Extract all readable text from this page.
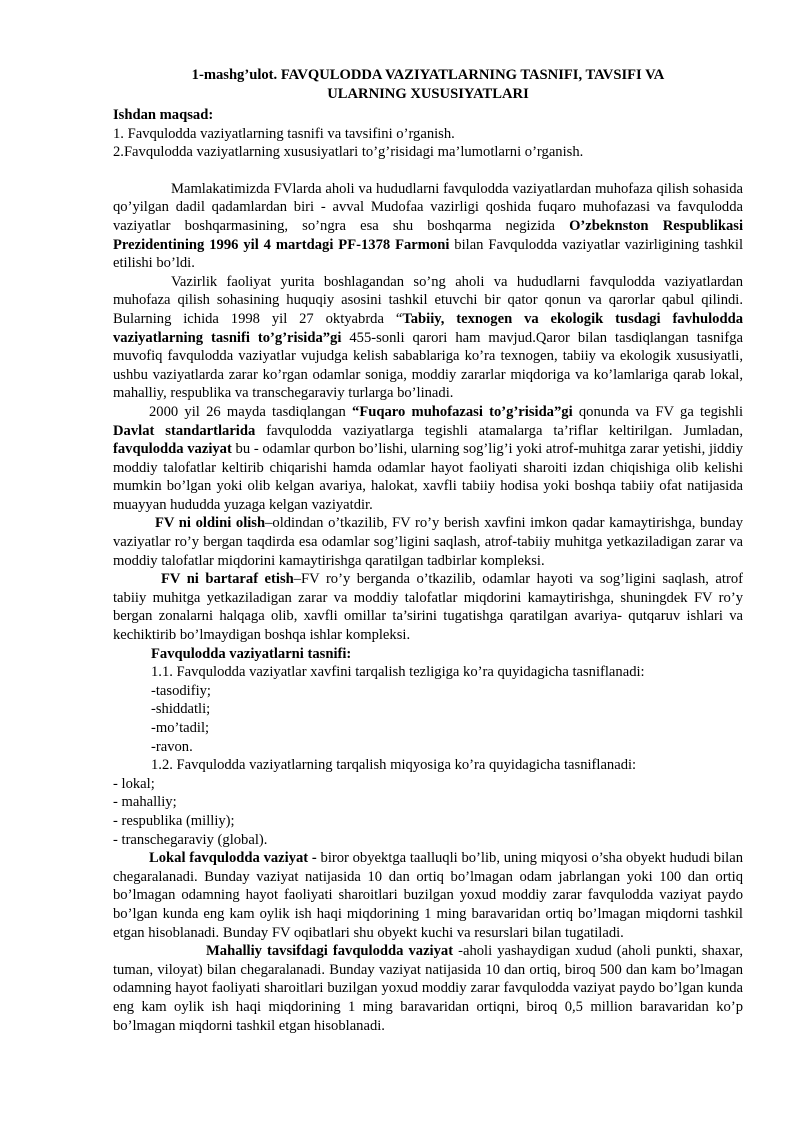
1-mashg’ulot. FAVQULODDA VAZIYATLARNING TASNIFI, TAVSIFI VA
ULARNING XUSUSIYATLARI

Ishdan maqsad:

1. Favqulodda vaziyatlarning tasnifi va tavsifini o’rganish.

2.Favqulodda vaziyatlarning xususiyatlari to’g’risidagi ma’lumotlarni o’rganish.

Mamlakatimizda FVlarda aholi va hududlarni favqulodda vaziyatlardan muhofaza qilish sohasida qo’yilgan dadil qadamlardan biri - avval Mudofaa vazirligi qoshida fuqaro muhofazasi va favqulodda vaziyatlar boshqarmasining, so’ngra esa shu boshqarma negizida O’zbeknston Respublikasi Prezidentining 1996 yil 4 martdagi PF-1378 Farmoni bilan Favqulodda vaziyatlar vazirligining tashkil etilishi bo’ldi.

Vazirlik faoliyat yurita boshlagandan so’ng aholi va hududlarni favqulodda vaziyatlardan muhofaza qilish sohasining huquqiy asosini tashkil etuvchi bir qator qonun va qarorlar qabul qilindi. Bularning ichida 1998 yil 27 oktyabrda “Tabiiy, texnogen va ekologik tusdagi favhulodda vaziyatlarning tasnifi to’g’risida”gi 455-sonli qarori ham mavjud.Qaror bilan tasdiqlangan tasnifga muvofiq favqulodda vaziyatlar vujudga kelish sabablariga ko’ra texnogen, tabiiy va ekologik xususiyatli, ushbu vaziyatlarda zarar ko’rgan odamlar soniga, moddiy zararlar miqdoriga va ko’lamlariga qarab lokal, mahalliy, respublika va transchegaraviy turlarga bo’linadi.

2000 yil 26 mayda tasdiqlangan “Fuqaro muhofazasi to’g’risida”gi qonunda va FV ga tegishli Davlat standartlarida favqulodda vaziyatlarga tegishli atamalarga ta’riflar keltirilgan. Jumladan, favqulodda vaziyat bu - odamlar qurbon bo’lishi, ularning sog’lig’i yoki atrof-muhitga zarar yetishi, jiddiy moddiy talofatlar keltirib chiqarishi hamda odamlar hayot faoliyati sharoiti izdan chiqishiga olib kelishi mumkin bo’lgan yoki olib kelgan avariya, halokat, xavfli tabiiy hodisa yoki boshqa tabiiy ofat natijasida muayyan hududda yuzaga kelgan vaziyatdir.

FV ni oldini olish–oldindan o’tkazilib, FV ro’y berish xavfini imkon qadar kamaytirishga, bunday vaziyatlar ro’y bergan taqdirda esa odamlar sog’ligini saqlash, atrof-tabiiy muhitga yetkaziladigan zarar va moddiy talofatlar miqdorini kamaytirishga qaratilgan tadbirlar kompleksi.

FV ni bartaraf etish–FV ro’y berganda o’tkazilib, odamlar hayoti va sog’ligini saqlash, atrof tabiiy muhitga yetkaziladigan zarar va moddiy talofatlar miqdorini kamaytirishga, shuningdek FV ro’y bergan zonalarni halqaga olib, xavfli omillar ta’sirini tugatishga qaratilgan avariya- qutqaruv ishlari va kechiktirib bo’lmaydigan boshqa ishlar kompleksi.

Favqulodda vaziyatlarni tasnifi:

1.1. Favqulodda vaziyatlar xavfini tarqalish tezligiga ko’ra quyidagicha tasniflanadi:

-tasodifiy;

-shiddatli;

-mo’tadil;

-ravon.

1.2. Favqulodda vaziyatlarning tarqalish miqyosiga ko’ra quyidagicha tasniflanadi:

- lokal;

- mahalliy;

- respublika (milliy);

- transchegaraviy (global).

Lokal favqulodda vaziyat - biror obyektga taalluqli bo’lib, uning miqyosi o’sha obyekt hududi bilan chegaralanadi. Bunday vaziyat natijasida 10 dan ortiq bo’lmagan odam jabrlangan yoki 100 dan ortiq bo’lmagan odamning hayot faoliyati sharoitlari buzilgan yoxud moddiy zarar favqulodda vaziyat paydo bo’lgan kunda eng kam oylik ish haqi miqdorining 1 ming baravaridan ortiq bo’lmagan miqdorni tashkil etgan hisoblanadi. Bunday FV oqibatlari shu obyekt kuchi va resurslari bilan tugatiladi.

Mahalliy tavsifdagi favqulodda vaziyat -aholi yashaydigan xudud (aholi punkti, shaxar, tuman, viloyat) bilan chegaralanadi. Bunday vaziyat natijasida 10 dan ortiq, biroq 500 dan kam bo’lmagan odamning hayot faoliyati sharoitlari buzilgan yoxud moddiy zarar favqulodda vaziyat paydo bo’lgan kunda eng kam oylik ish haqi miqdorining 1 ming baravaridan ortiqni, biroq 0,5 million baravaridan ko’p bo’lmagan miqdorni tashkil etgan hisoblanadi.
